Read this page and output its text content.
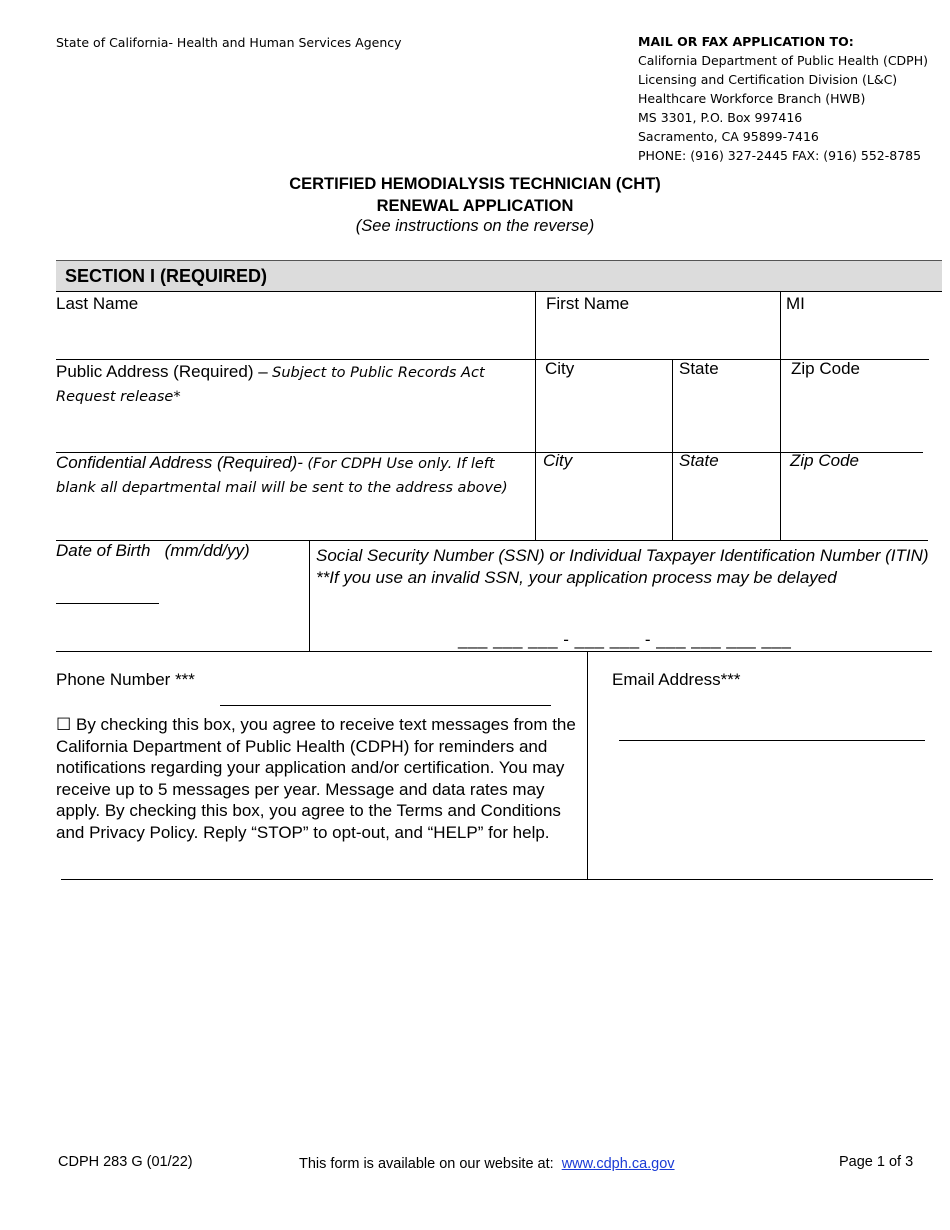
State of California- Health and Human Services Agency	MAIL OR FAX APPLICATION TO:
California Department of Public Health (CDPH)
Licensing and Certification Division (L&C)
Healthcare Workforce Branch (HWB)
MS 3301, P.O. Box 997416
Sacramento, CA 95899-7416
PHONE: (916) 327-2445 FAX: (916) 552-8785
CERTIFIED HEMODIALYSIS TECHNICIAN (CHT)
RENEWAL APPLICATION
(See instructions on the reverse)
SECTION I (REQUIRED)
Last Name	First Name	MI
Public Address (Required) – Subject to Public Records Act Request release*
City	State	Zip Code
Confidential Address (Required)- (For CDPH Use only. If left blank all departmental mail will be sent to the address above)
City	State	Zip Code
Date of Birth   (mm/dd/yy)	Social Security Number (SSN) or Individual Taxpayer Identification Number (ITIN) **If you use an invalid SSN, your application process may be delayed
___ ___ ___ - ___ ___ - ___ ___ ___ ___
Phone Number ***	Email Address***
☐ By checking this box, you agree to receive text messages from the California Department of Public Health (CDPH) for reminders and notifications regarding your application and/or certification. You may receive up to 5 messages per year. Message and data rates may apply. By checking this box, you agree to the Terms and Conditions and Privacy Policy. Reply “STOP” to opt-out, and “HELP” for help.
CDPH 283 G (01/22)	This form is available on our website at: www.cdph.ca.gov	Page 1 of 3
